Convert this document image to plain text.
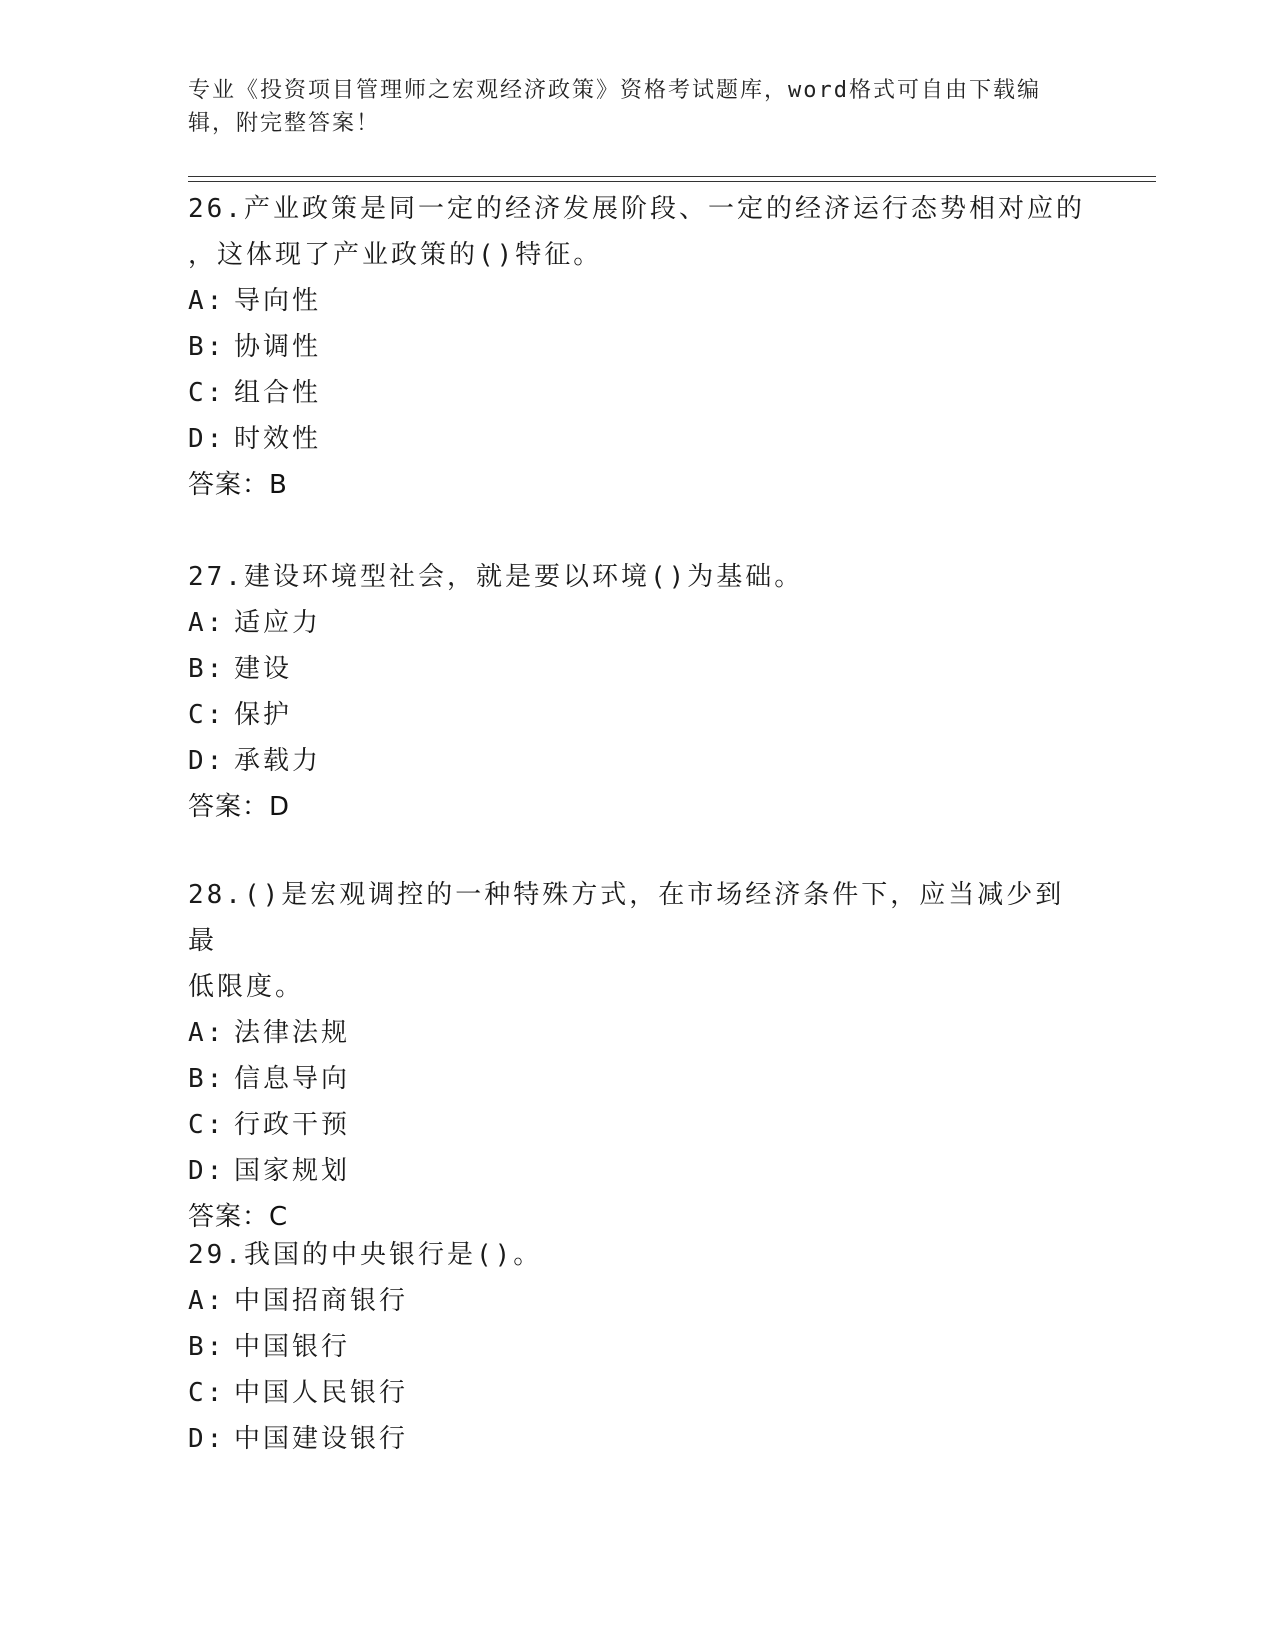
专业《投资项目管理师之宏观经济政策》资格考试题库，word格式可自由下载编
辑，附完整答案！
26.产业政策是同一定的经济发展阶段、一定的经济运行态势相对应的
，这体现了产业政策的()特征。
A: 导向性
B: 协调性
C: 组合性
D: 时效性
答案：B
27.建设环境型社会，就是要以环境()为基础。
A: 适应力
B: 建设
C: 保护
D: 承载力
答案：D
28.()是宏观调控的一种特殊方式，在市场经济条件下，应当减少到最
低限度。
A: 法律法规
B: 信息导向
C: 行政干预
D: 国家规划
答案：C
29.我国的中央银行是()。
A: 中国招商银行
B: 中国银行
C: 中国人民银行
D: 中国建设银行
